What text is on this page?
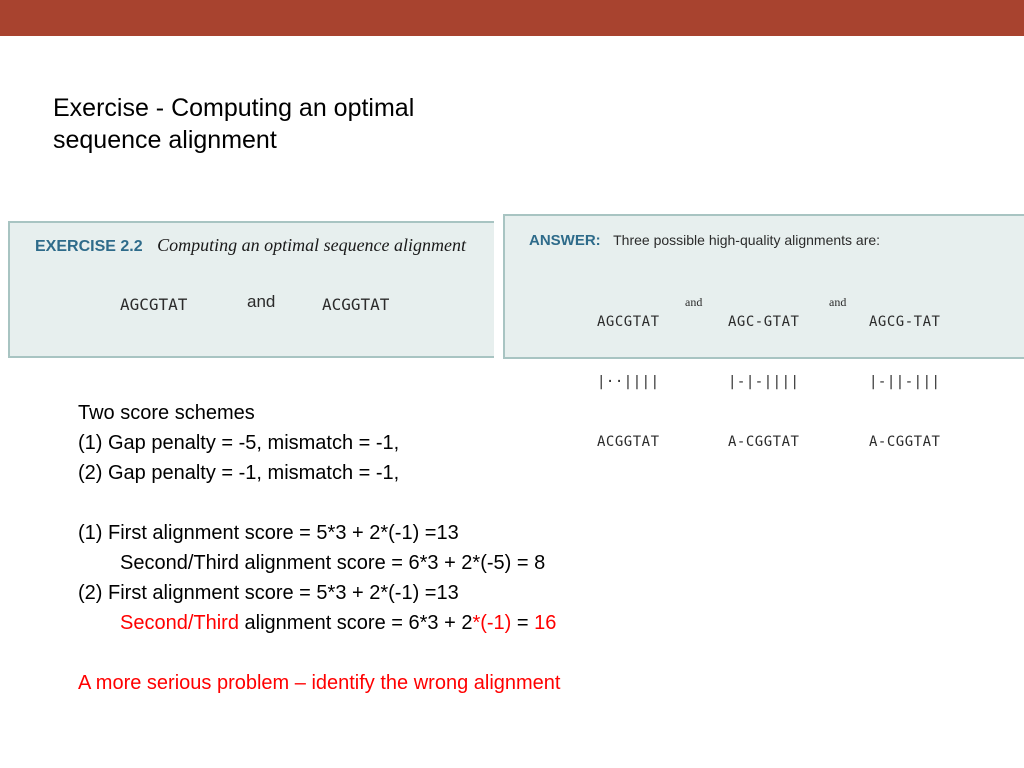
Exercise - Computing an optimal
sequence alignment
EXERCISE 2.2 Computing an optimal sequence alignment
AGCGTAT	and	ACGGTAT
ANSWER: Three possible high-quality alignments are:

AGCGTAT

|··||||

ACGGTAT

and

AGC-GTAT

|-|-||||

A-CGGTAT

and

AGCG-TAT

|-||-|||

A-CGGTAT

Two score schemes
(1) Gap penalty = -5, mismatch = -1,
(2) Gap penalty = -1, mismatch = -1,
(1) First alignment score = 5*3 + 2*(-1) =13
Second/Third alignment score = 6*3 + 2*(-5) = 8
(2) First alignment score = 5*3 + 2*(-1) =13
Second/Third alignment score = 6*3 + 2*(-1) = 16
A more serious problem – identify the wrong alignment
